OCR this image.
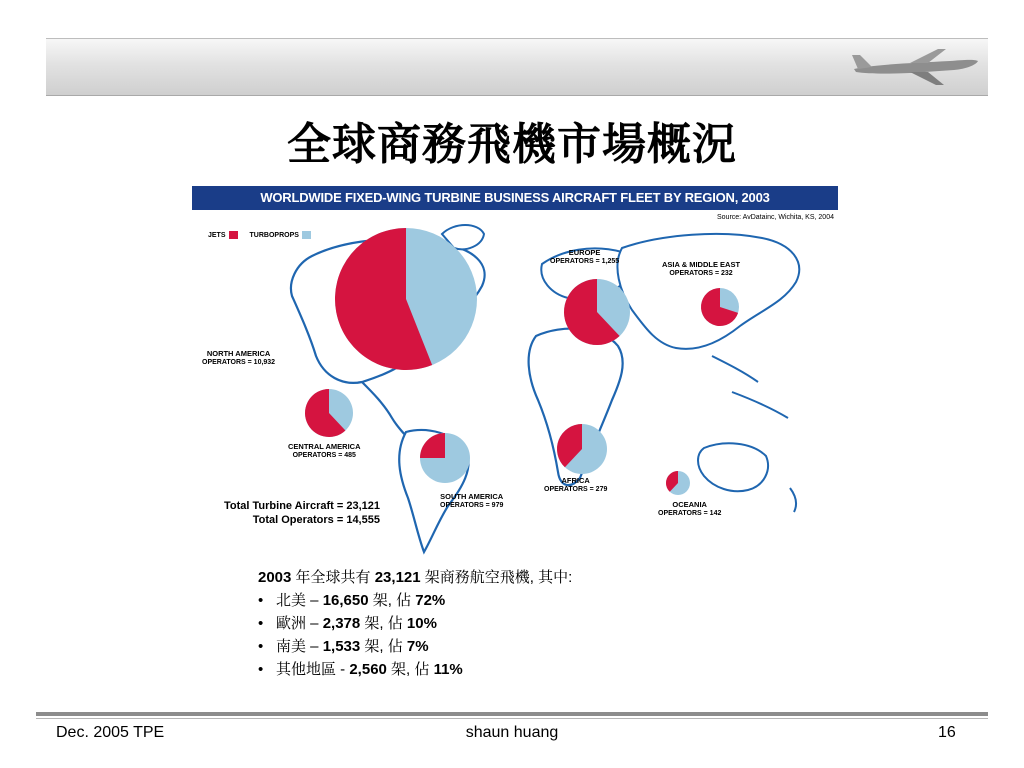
全球商務飛機市場概況
WORLDWIDE FIXED-WING TURBINE BUSINESS AIRCRAFT FLEET BY REGION, 2003
Source: AvDatainc, Wichita, KS, 2004
JETS	TURBOPROPS
NORTH AMERICA
OPERATORS = 10,932
EUROPE
OPERATORS = 1,255	ASIA & MIDDLE EAST
OPERATORS = 232
CENTRAL AMERICA
OPERATORS = 485
SOUTH AMERICA
OPERATORS = 979
AFRICA
OPERATORS = 279
OCEANIA
OPERATORS = 142
Total Turbine Aircraft = 23,121
Total Operators = 14,555
2003 年全球共有 23,121 架商務航空飛機, 其中:
• 北美 – 16,650 架, 佔 72%
• 歐洲 – 2,378 架, 佔 10%
• 南美 – 1,533 架, 佔 7%
• 其他地區 - 2,560 架, 佔 11%
Dec. 2005 TPE	shaun huang	16
